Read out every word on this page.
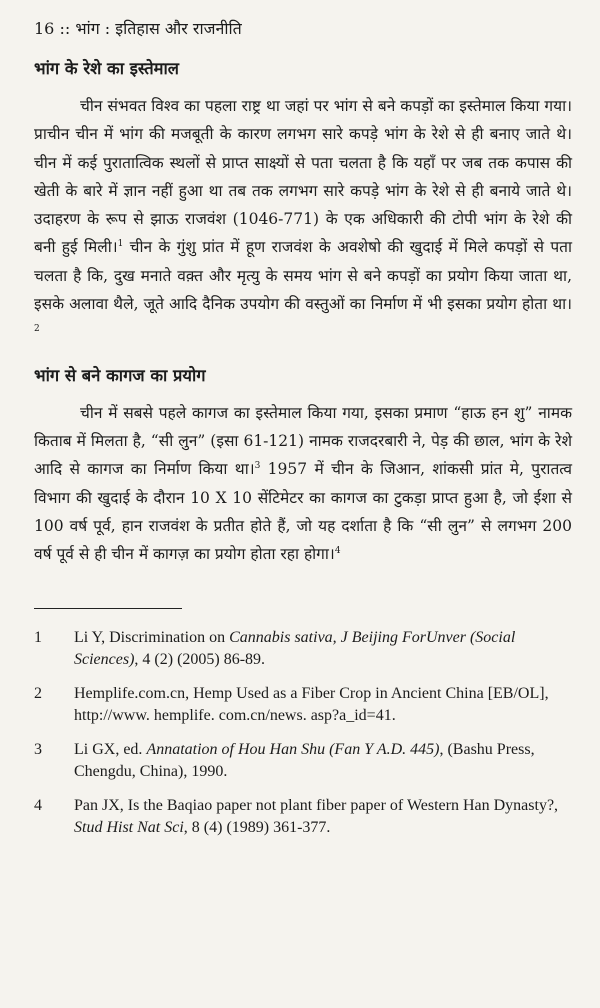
16 :: भांग : इतिहास और राजनीति
भांग के रेशे का इस्तेमाल

चीन संभवत विश्व का पहला राष्ट्र था जहां पर भांग से बने कपड़ों का इस्तेमाल किया गया। प्राचीन चीन में भांग की मजबूती के कारण लगभग सारे कपड़े भांग के रेशे से ही बनाए जाते थे। चीन में कई पुरातात्विक स्थलों से प्राप्त साक्ष्यों से पता चलता है कि यहाँ पर जब तक कपास की खेती के बारे में ज्ञान नहीं हुआ था तब तक लगभग सारे कपड़े भांग के रेशे से ही बनाये जाते थे। उदाहरण के रूप से झाऊ राजवंश (1046-771) के एक अधिकारी की टोपी भांग के रेशे की बनी हुई मिली।$^1$ चीन के गुंशु प्रांत में हूण राजवंश के अवशेषो की खुदाई में मिले कपड़ों से पता चलता है कि, दुख मनाते वक़्त और मृत्यु के समय भांग से बने कपड़ों का प्रयोग किया जाता था, इसके अलावा थैले, जूते आदि दैनिक उपयोग की वस्तुओं का निर्माण में भी इसका प्रयोग होता था।$^2$

भांग से बने कागज का प्रयोग

चीन में सबसे पहले कागज का इस्तेमाल किया गया, इसका प्रमाण “हाऊ हन शु” नामक किताब में मिलता है, “सी लुन” (इसा 61-121) नामक राजदरबारी ने, पेड़ की छाल, भांग के रेशे आदि से कागज का निर्माण किया था।$^3$ 1957 में चीन के जिआन, शांकसी प्रांत मे, पुरातत्व विभाग की खुदाई के दौरान 10 X 10 सेंटिमेटर का कागज का टुकड़ा प्राप्त हुआ है, जो ईशा से 100 वर्ष पूर्व, हान राजवंश के प्रतीत होते हैं, जो यह दर्शाता है कि “सी लुन” से लगभग 200 वर्ष पूर्व से ही चीन में कागज़ का प्रयोग होता रहा होगा।$^4$

1	Li Y, Discrimination on Cannabis sativa, J Beijing ForUnver (Social Sciences), 4 (2) (2005) 86-89.
2	Hemplife.com.cn, Hemp Used as a Fiber Crop in Ancient China [EB/OL], http://www. hemplife. com.cn/news. asp?a_id=41.
3	Li GX, ed. Annatation of Hou Han Shu (Fan Y A.D. 445), (Bashu Press, Chengdu, China), 1990.
4	Pan JX, Is the Baqiao paper not plant fiber paper of Western Han Dynasty?, Stud Hist Nat Sci, 8 (4) (1989) 361-377.
